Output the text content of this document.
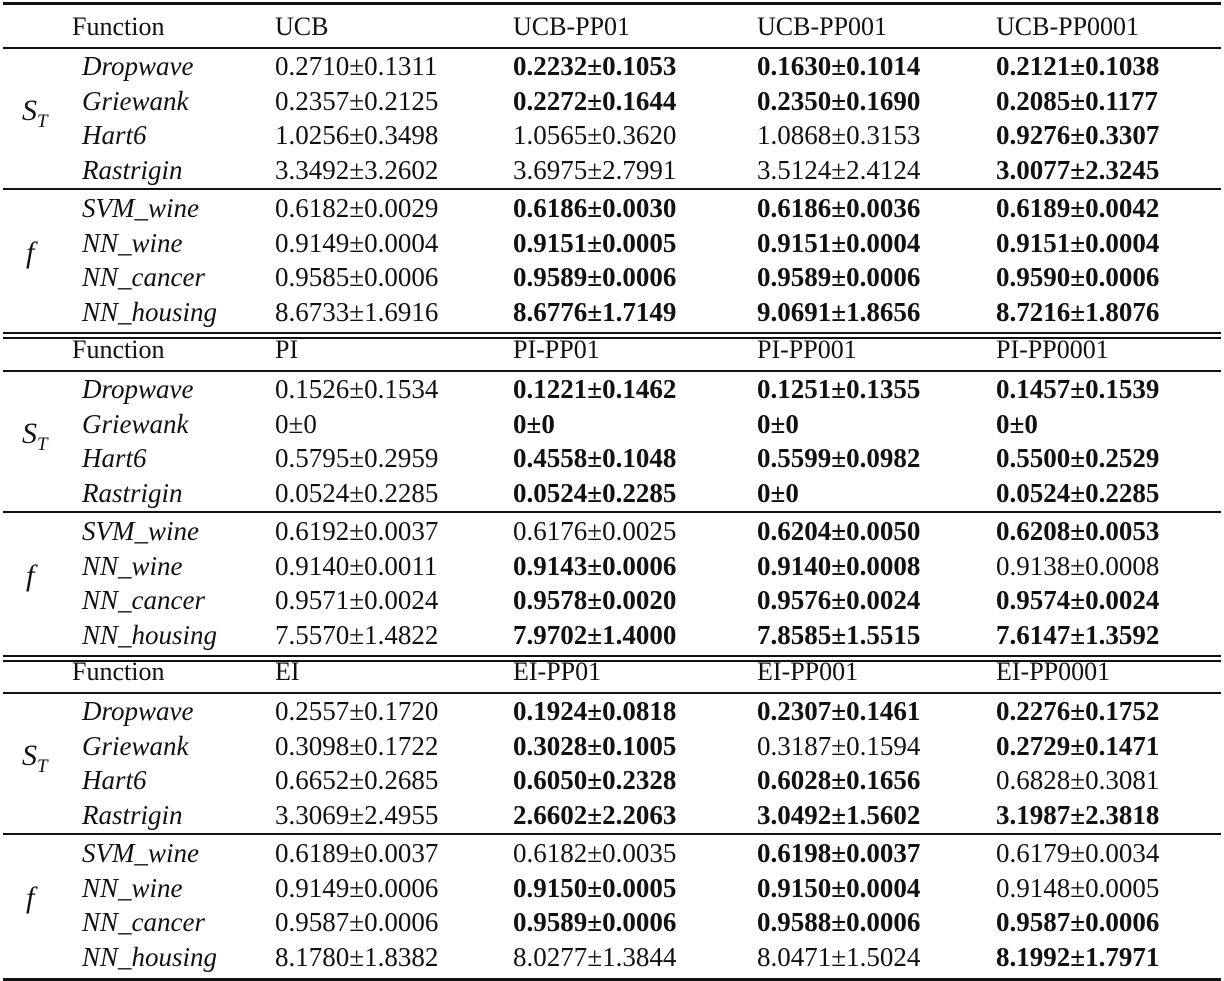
Function	UCB	UCB-PP01	UCB-PP001	UCB-PP0001
$S_T$
Dropwave	0.2710±0.1311	0.2232±0.1053	0.1630±0.1014	0.2121±0.1038
Griewank	0.2357±0.2125	0.2272±0.1644	0.2350±0.1690	0.2085±0.1177
Hart6	1.0256±0.3498	1.0565±0.3620	1.0868±0.3153	0.9276±0.3307
Rastrigin	3.3492±3.2602	3.6975±2.7991	3.5124±2.4124	3.0077±2.3245
f
SVM_wine	0.6182±0.0029	0.6186±0.0030	0.6186±0.0036	0.6189±0.0042
NN_wine	0.9149±0.0004	0.9151±0.0005	0.9151±0.0004	0.9151±0.0004
NN_cancer	0.9585±0.0006	0.9589±0.0006	0.9589±0.0006	0.9590±0.0006
NN_housing 8.6733±1.6916	8.6776±1.7149	9.0691±1.8656	8.7216±1.8076
Function	PI	PI-PP01	PI-PP001	PI-PP0001
$S_T$
Dropwave	0.1526±0.1534	0.1221±0.1462	0.1251±0.1355	0.1457±0.1539
Griewank	0±0	0±0	0±0	0±0
Hart6	0.5795±0.2959	0.4558±0.1048	0.5599±0.0982	0.5500±0.2529
Rastrigin	0.0524±0.2285	0.0524±0.2285	0±0	0.0524±0.2285
f
SVM_wine	0.6192±0.0037	0.6176±0.0025	0.6204±0.0050	0.6208±0.0053
NN_wine	0.9140±0.0011	0.9143±0.0006	0.9140±0.0008	0.9138±0.0008
NN_cancer	0.9571±0.0024	0.9578±0.0020	0.9576±0.0024	0.9574±0.0024
NN_housing 7.5570±1.4822	7.9702±1.4000	7.8585±1.5515	7.6147±1.3592
Function	EI	EI-PP01	EI-PP001	EI-PP0001
$S_T$
Dropwave	0.2557±0.1720	0.1924±0.0818	0.2307±0.1461	0.2276±0.1752
Griewank	0.3098±0.1722	0.3028±0.1005	0.3187±0.1594	0.2729±0.1471
Hart6	0.6652±0.2685	0.6050±0.2328	0.6028±0.1656	0.6828±0.3081
Rastrigin	3.3069±2.4955	2.6602±2.2063	3.0492±1.5602	3.1987±2.3818
f
SVM_wine	0.6189±0.0037	0.6182±0.0035	0.6198±0.0037	0.6179±0.0034
NN_wine	0.9149±0.0006	0.9150±0.0005	0.9150±0.0004	0.9148±0.0005
NN_cancer	0.9587±0.0006	0.9589±0.0006	0.9588±0.0006	0.9587±0.0006
NN_housing 8.1780±1.8382	8.0277±1.3844	8.0471±1.5024	8.1992±1.7971
